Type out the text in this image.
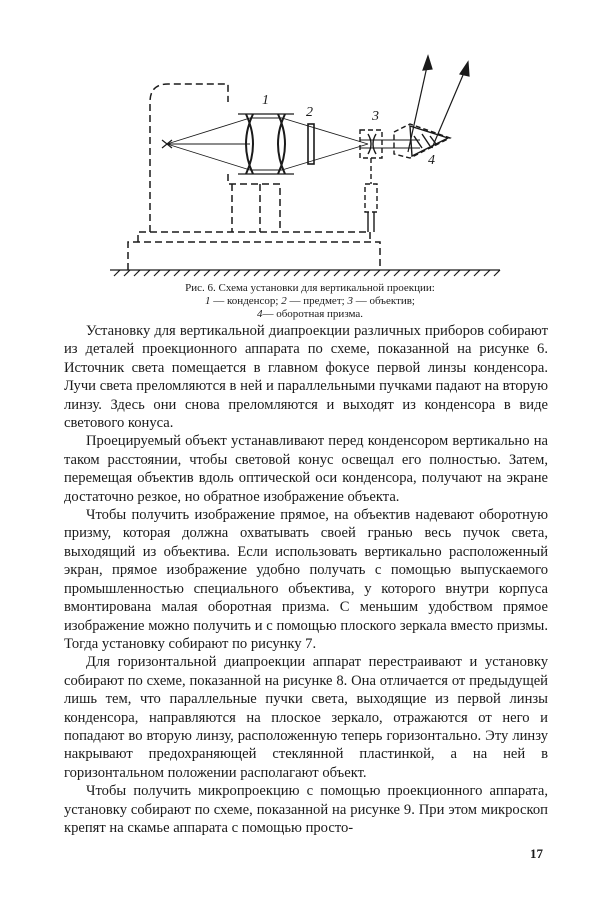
1
2	3
4
Рис. 6. Схема установки для вертикальной проекции:
1 — конденсор; 2 — предмет; 3 — объектив;
4— оборотная призма.

Установку для вертикальной диапроекции различных приборов собирают из деталей проекционного аппарата по схеме, показанной на рисунке 6. Источник света помещается в главном фокусе первой линзы конденсора. Лучи света преломляются в ней и параллельными пучками падают на вторую линзу. Здесь они снова преломляются и выходят из конденсора в виде светового конуса.

Проецируемый объект устанавливают перед конденсором вертикально на таком расстоянии, чтобы световой конус освещал его полностью. Затем, перемещая объектив вдоль оптической оси конденсора, получают на экране достаточно резкое, но обратное изображение объекта.

Чтобы получить изображение прямое, на объектив надевают оборотную призму, которая должна охватывать своей гранью весь пучок света, выходящий из объектива. Если использовать вертикально расположенный экран, прямое изображение удобно получать с помощью выпускаемого промышленностью специального объектива, у которого внутри корпуса вмонтирована малая оборотная призма. С меньшим удобством прямое изображение можно получить и с помощью плоского зеркала вместо призмы. Тогда установку собирают по рисунку 7.

Для горизонтальной диапроекции аппарат перестраивают и установку собирают по схеме, показанной на рисунке 8. Она отличается от предыдущей лишь тем, что параллельные пучки света, выходящие из первой линзы конденсора, направляются на плоское зеркало, отражаются от него и попадают во вторую линзу, расположенную теперь горизонтально. Эту линзу накрывают предохраняющей стеклянной пластинкой, а на ней в горизонтальном положении располагают объект.

Чтобы получить микропроекцию с помощью проекционного аппарата, установку собирают по схеме, показанной на рисунке 9. При этом микроскоп крепят на скамье аппарата с помощью просто-

17
